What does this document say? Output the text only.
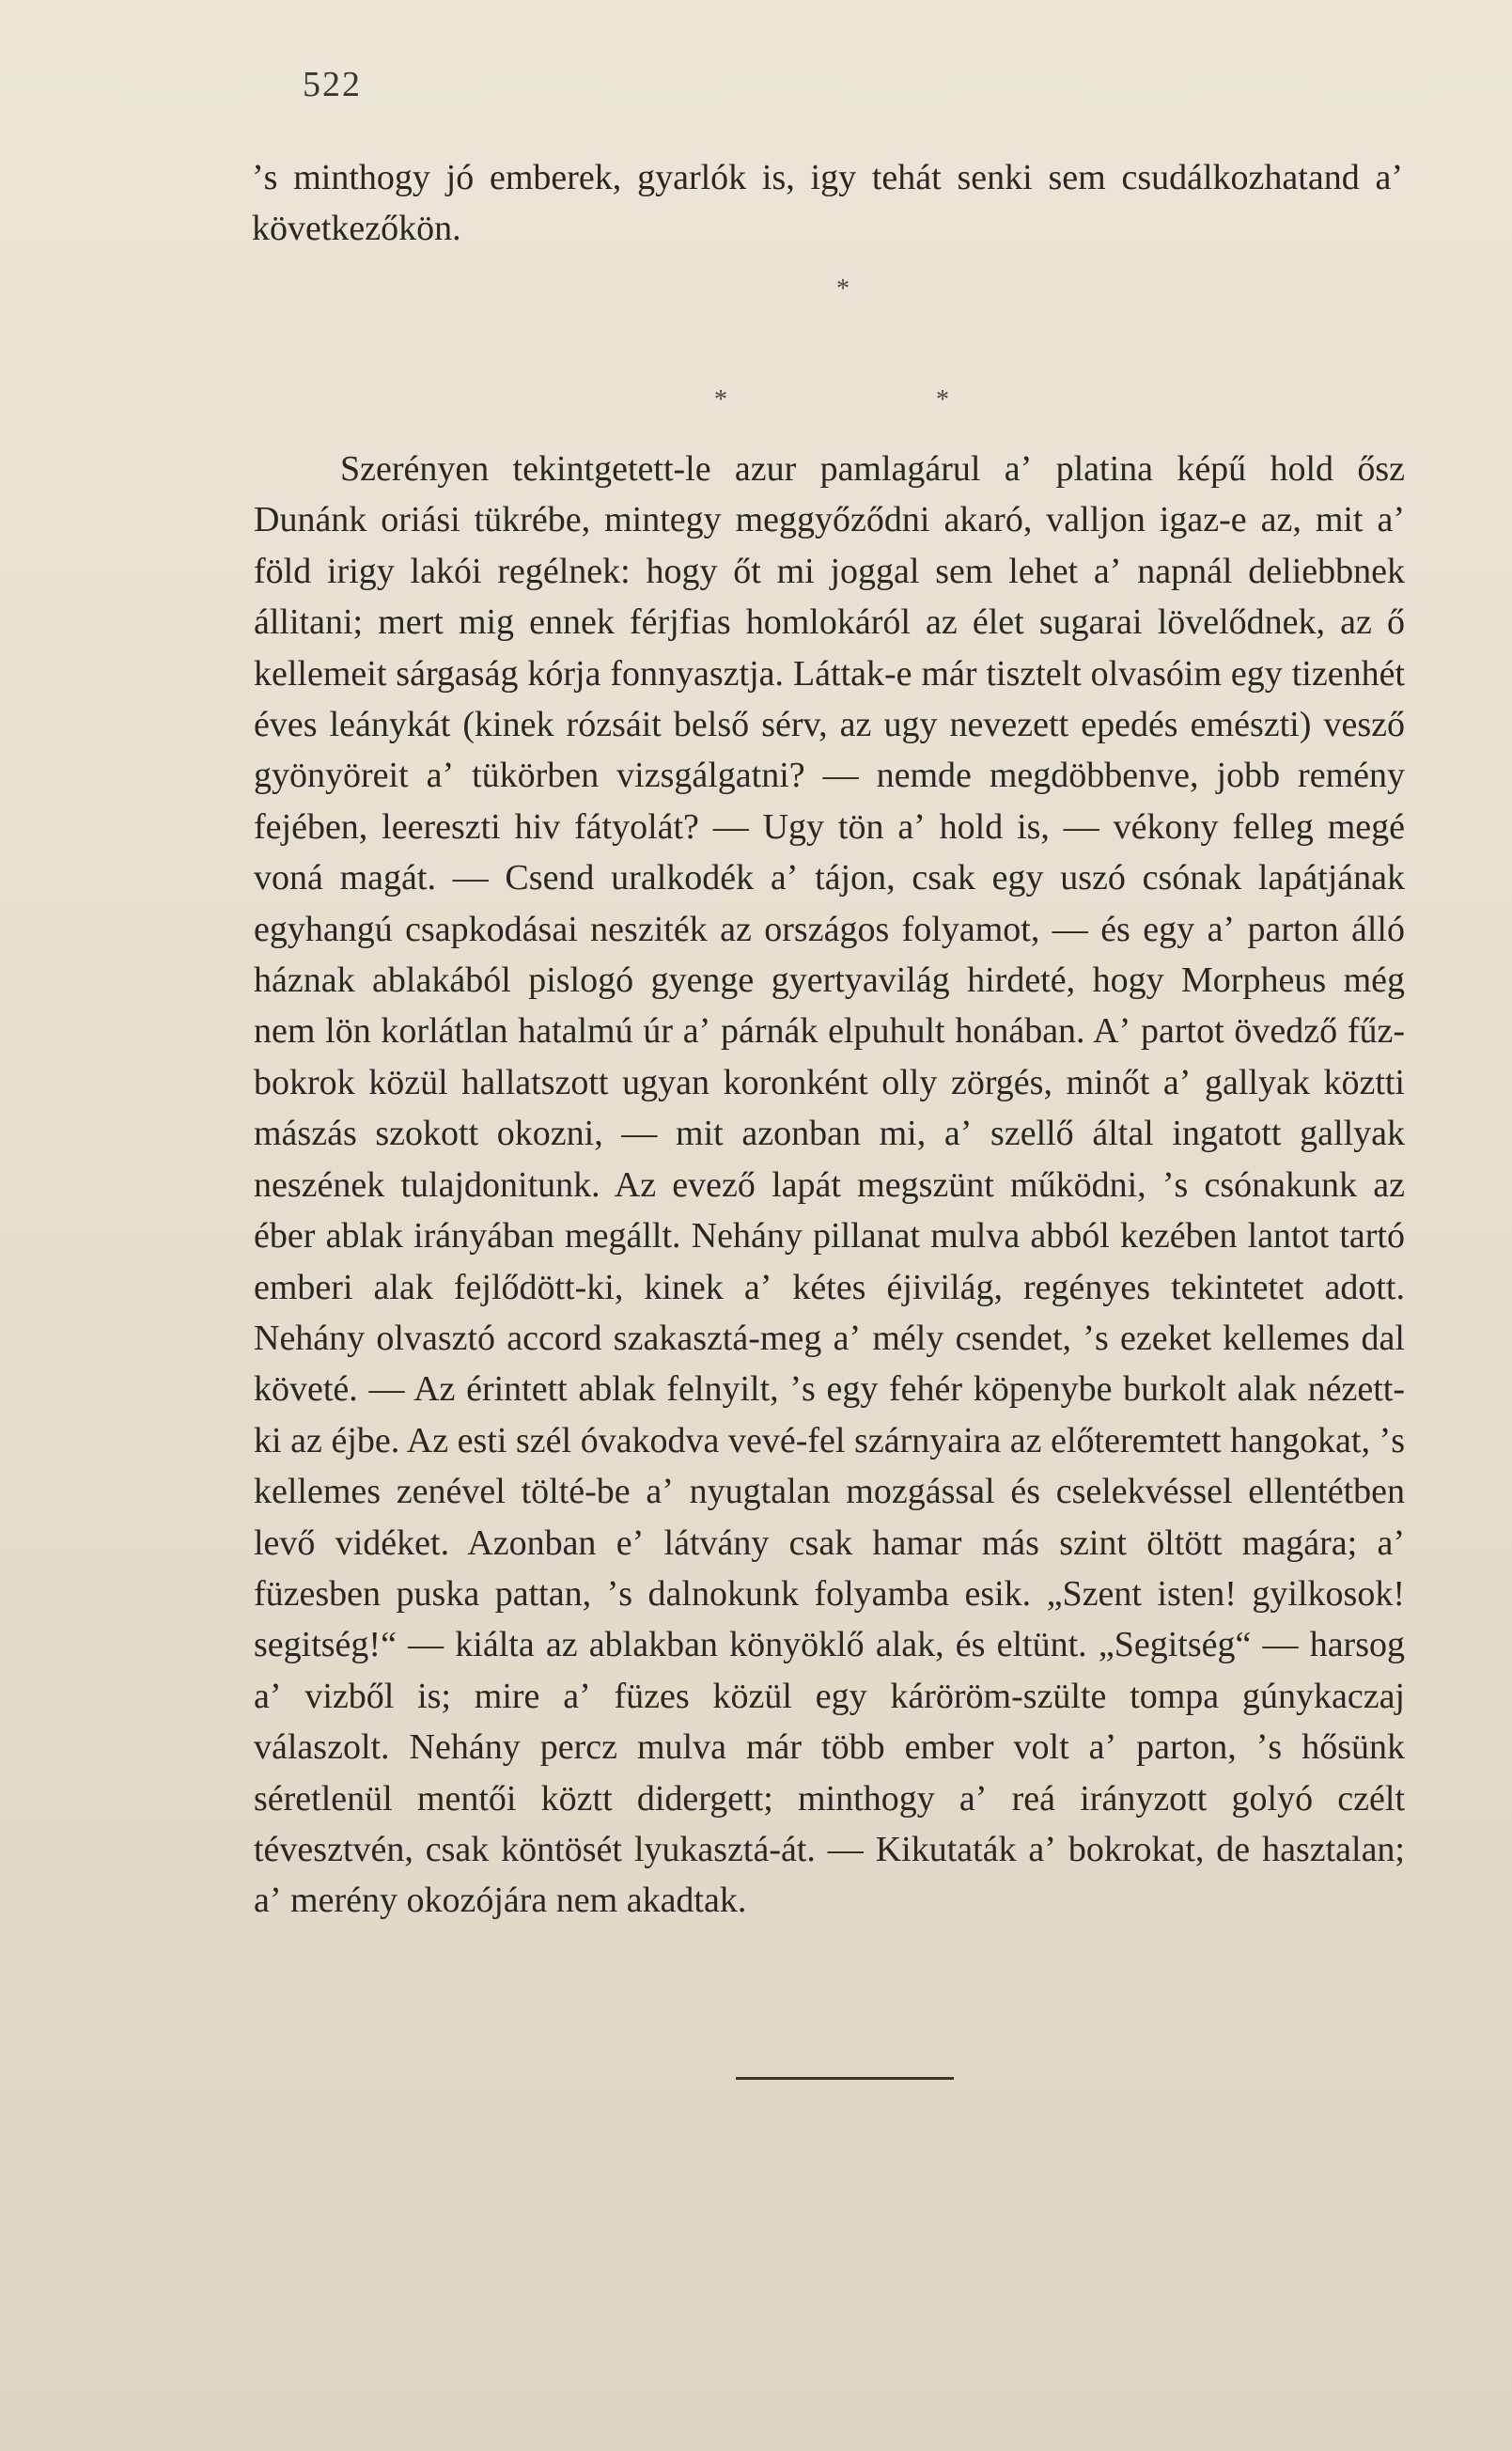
522

ʼs minthogy jó emberek, gyarlók is, igy tehát senki sem csudálkozhatand aʼ következőkön.

*
*	*

Szerényen tekintgetett-le azur pamlagárul aʼ platina képű hold ősz Dunánk oriási tükrébe, mintegy meggyőződni akaró, valljon igaz-e az, mit aʼ föld irigy lakói regélnek: hogy őt mi joggal sem lehet aʼ napnál deliebbnek állitani; mert mig ennek férjfias homlokáról az élet sugarai lövelődnek, az ő kellemeit sárgaság kórja fonnyasztja. Láttak-e már tisztelt olvasóim egy tizenhét éves leánykát (kinek rózsáit belső sérv, az ugy nevezett epedés emészti) vesző gyönyöreit aʼ tükörben vizsgálgatni? — nemde megdöbbenve, jobb remény fejében, leereszti hiv fátyolát? — Ugy tön aʼ hold is, — vékony felleg megé voná magát. — Csend uralkodék aʼ tájon, csak egy uszó csónak lapátjának egyhangú csapkodásai nesziték az országos folyamot, — és egy aʼ parton álló háznak ablakából pislogó gyenge gyertyavilág hirdeté, hogy Morpheus még nem lön korlátlan hatalmú úr aʼ párnák elpuhult honában. Aʼ partot övedző fűz-bokrok közül hallatszott ugyan koronként olly zörgés, minőt aʼ gallyak köztti mászás szokott okozni, — mit azonban mi, aʼ szellő által ingatott gallyak neszének tulajdonitunk. Az evező lapát megszünt működni, ʼs csónakunk az éber ablak irányában megállt. Nehány pillanat mulva abból kezében lantot tartó emberi alak fejlődött-ki, kinek aʼ kétes éjivilág, regényes tekintetet adott. Nehány olvasztó accord szakasztá-meg aʼ mély csendet, ʼs ezeket kellemes dal követé. — Az érintett ablak felnyilt, ʼs egy fehér köpenybe burkolt alak nézett-ki az éjbe. Az esti szél óvakodva vevé-fel szárnyaira az előteremtett hangokat, ʼs kellemes zenével tölté-be aʼ nyugtalan mozgással és cselekvéssel ellentétben levő vidéket. Azonban eʼ látvány csak hamar más szint öltött magára; aʼ füzesben puska pattan, ʼs dalnokunk folyamba esik. „Szent isten! gyilkosok! segitség!“ — kiálta az ablakban könyöklő alak, és eltünt. „Segitség“ — harsog aʼ vizből is; mire aʼ füzes közül egy káröröm-szülte tompa gúnykaczaj válaszolt. Nehány percz mulva már több ember volt aʼ parton, ʼs hősünk séretlenül mentői köztt didergett; minthogy aʼ reá irányzott golyó czélt tévesztvén, csak köntösét lyukasztá-át. — Kikutaták aʼ bokrokat, de hasztalan; aʼ merény okozójára nem akadtak.
